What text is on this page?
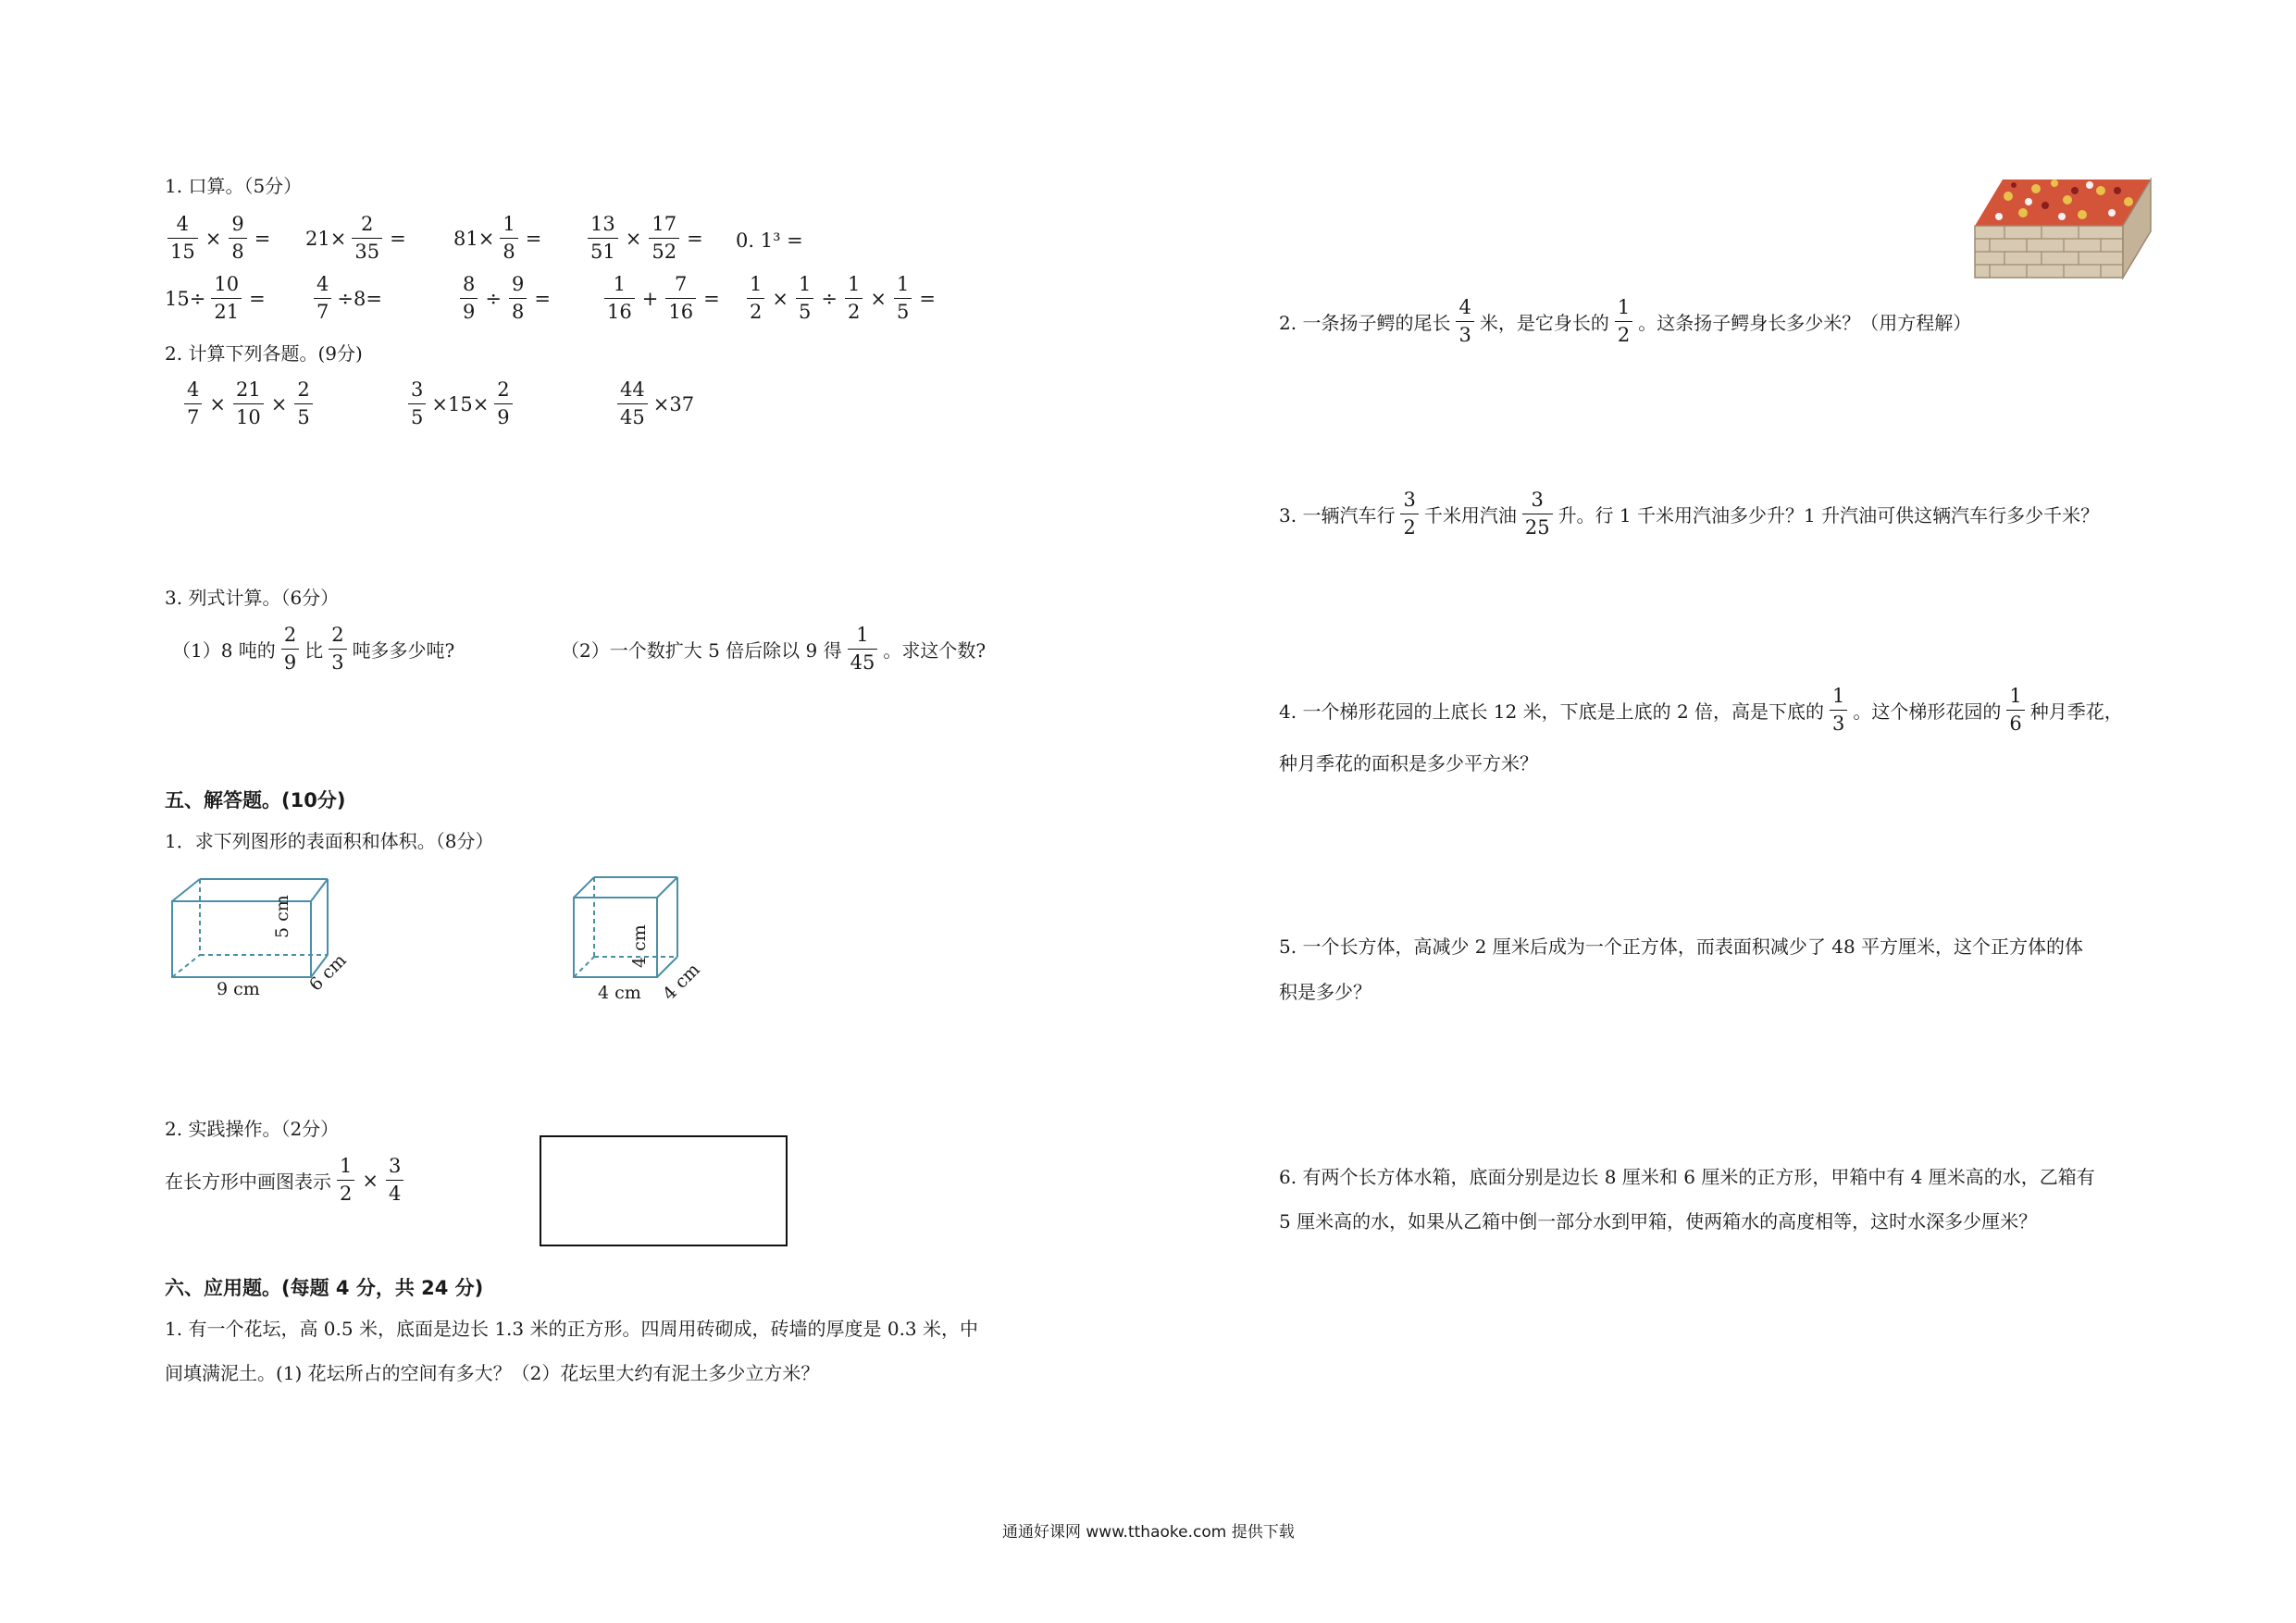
1. 口算。（5分）
$\frac{4}{15} \times \frac{9}{8} = 21\times \frac{2}{35} = 81\times \frac{1}{8} = \frac{13}{51} \times \frac{17}{52} = 0$. 1³ =
$15\div \frac{10}{21} = \frac{4}{7} \div 8=$	$\frac{8}{9} \div \frac{9}{8}$ =	$\frac{1}{16} + \frac{7}{16} = \frac{1}{2} \times \frac{1}{5} \div \frac{1}{2} \times \frac{1}{5}$ =
2. 计算下列各题。(9分)
$\frac{4}{7} \times \frac{21}{10} \times \frac{2}{5}$	$\frac{3}{5} \times 15\times \frac{2}{9}$	$\frac{44}{45} \times 37$
3. 列式计算。（6分）
（1）8 吨的 $\frac{2}{9}$ 比 $\frac{2}{3}$ 吨多多少吨?	（2）一个数扩大 5 倍后除以 9 得 $\frac{1}{45}$ 。求这个数?
五、解答题。(10分)
1．求下列图形的表面积和体积。（8分）
5 cm
9 cm	6 cm
4 cm
4 cm 4 cm
2. 实践操作。（2分）
在长方形中画图表示 $\frac{1}{2} \times \frac{3}{4}$
六、应用题。(每题 4 分，共 24 分)
1. 有一个花坛，高 0.5 米，底面是边长 1.3 米的正方形。四周用砖砌成，砖墙的厚度是 0.3 米，中
间填满泥土。(1) 花坛所占的空间有多大？（2）花坛里大约有泥土多少立方米？
2. 一条扬子鳄的尾长 $\frac{4}{3}$ 米，是它身长的 $\frac{1}{2}$ 。这条扬子鳄身长多少米？（用方程解）
3. 一辆汽车行 $\frac{3}{2}$ 千米用汽油 $\frac{3}{25}$ 升。行 1 千米用汽油多少升？1 升汽油可供这辆汽车行多少千米？
4. 一个梯形花园的上底长 12 米，下底是上底的 2 倍，高是下底的 $\frac{1}{3}$ 。这个梯形花园的 $\frac{1}{6}$ 种月季花，
种月季花的面积是多少平方米？
5. 一个长方体，高减少 2 厘米后成为一个正方体，而表面积减少了 48 平方厘米，这个正方体的体
积是多少？
6. 有两个长方体水箱，底面分别是边长 8 厘米和 6 厘米的正方形，甲箱中有 4 厘米高的水，乙箱有
5 厘米高的水，如果从乙箱中倒一部分水到甲箱，使两箱水的高度相等，这时水深多少厘米？
通通好课网 www.tthaoke.com 提供下载
